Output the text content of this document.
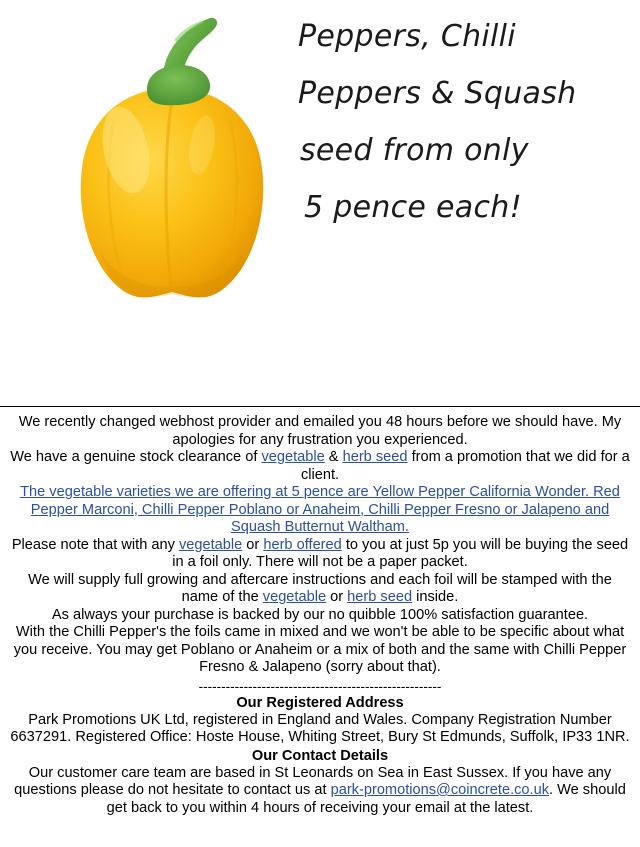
Peppers, Chilli
Peppers & Squash
seed from only
5 pence each!

We recently changed webhost provider and emailed you 48 hours before we should have. My apologies for any frustration you experienced.

We have a genuine stock clearance of vegetable & herb seed from a promotion that we did for a client.

The vegetable varieties we are offering at 5 pence are Yellow Pepper California Wonder. Red Pepper Marconi, Chilli Pepper Poblano or Anaheim, Chilli Pepper Fresno or Jalapeno and Squash Butternut Waltham.

Please note that with any vegetable or herb offered to you at just 5p you will be buying the seed in a foil only. There will not be a paper packet.

We will supply full growing and aftercare instructions and each foil will be stamped with the name of the vegetable or herb seed inside.

As always your purchase is backed by our no quibble 100% satisfaction guarantee.

With the Chilli Pepper's the foils came in mixed and we won't be able to be specific about what you receive. You may get Poblano or Anaheim or a mix of both and the same with Chilli Pepper Fresno & Jalapeno (sorry about that).

------------------------------------------------------
Our Registered Address
Park Promotions UK Ltd, registered in England and Wales. Company Registration Number 6637291. Registered Office: Hoste House, Whiting Street, Bury St Edmunds, Suffolk, IP33 1NR.
Our Contact Details
Our customer care team are based in St Leonards on Sea in East Sussex. If you have any questions please do not hesitate to contact us at park-promotions@coincrete.co.uk. We should get back to you within 4 hours of receiving your email at the latest.
